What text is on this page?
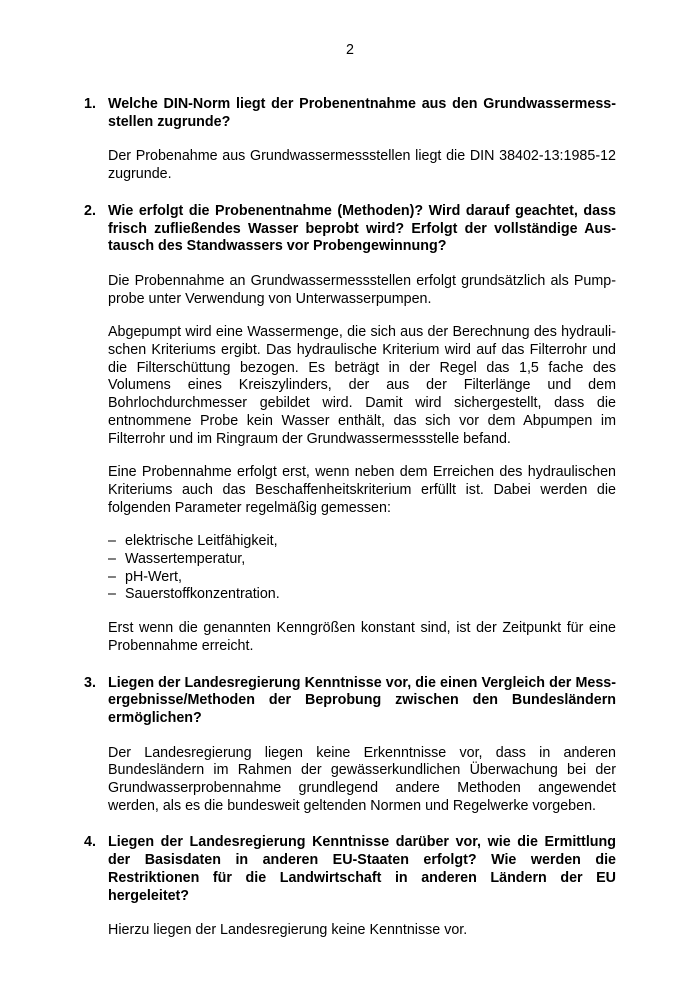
2

1. Welche DIN-Norm liegt der Probenentnahme aus den Grundwassermessstellen zugrunde?

Der Probenahme aus Grundwassermessstellen liegt die DIN 38402-13:1985-12 zugrunde.

2. Wie erfolgt die Probenentnahme (Methoden)? Wird darauf geachtet, dass frisch zufließendes Wasser beprobt wird? Erfolgt der vollständige Austausch des Standwassers vor Probengewinnung?

Die Probennahme an Grundwassermessstellen erfolgt grundsätzlich als Pumpprobe unter Verwendung von Unterwasserpumpen.

Abgepumpt wird eine Wassermenge, die sich aus der Berechnung des hydraulischen Kriteriums ergibt. Das hydraulische Kriterium wird auf das Filterrohr und die Filterschüttung bezogen. Es beträgt in der Regel das 1,5 fache des Volumens eines Kreiszylinders, der aus der Filterlänge und dem Bohrlochdurchmesser gebildet wird. Damit wird sichergestellt, dass die entnommene Probe kein Wasser enthält, das sich vor dem Abpumpen im Filterrohr und im Ringraum der Grundwassermessstelle befand.

Eine Probennahme erfolgt erst, wenn neben dem Erreichen des hydraulischen Kriteriums auch das Beschaffenheitskriterium erfüllt ist. Dabei werden die folgenden Parameter regelmäßig gemessen:

– elektrische Leitfähigkeit,
– Wassertemperatur,
– pH-Wert,
– Sauerstoffkonzentration.

Erst wenn die genannten Kenngrößen konstant sind, ist der Zeitpunkt für eine Probennahme erreicht.

3. Liegen der Landesregierung Kenntnisse vor, die einen Vergleich der Messergebnisse/Methoden der Beprobung zwischen den Bundesländern ermöglichen?

Der Landesregierung liegen keine Erkenntnisse vor, dass in anderen Bundesländern im Rahmen der gewässerkundlichen Überwachung bei der Grundwasserprobennahme grundlegend andere Methoden angewendet werden, als es die bundesweit geltenden Normen und Regelwerke vorgeben.

4. Liegen der Landesregierung Kenntnisse darüber vor, wie die Ermittlung der Basisdaten in anderen EU-Staaten erfolgt? Wie werden die Restriktionen für die Landwirtschaft in anderen Ländern der EU hergeleitet?

Hierzu liegen der Landesregierung keine Kenntnisse vor.
